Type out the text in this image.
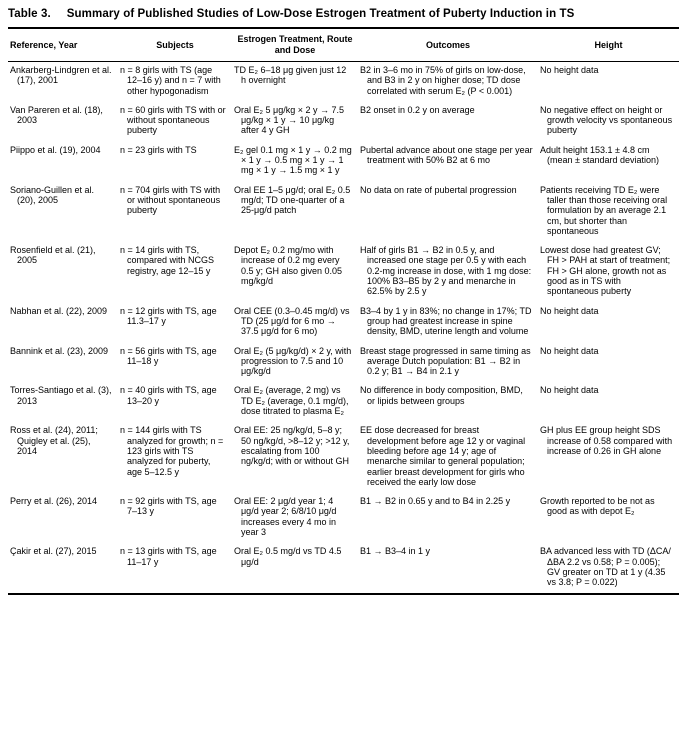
Table 3. Summary of Published Studies of Low-Dose Estrogen Treatment of Puberty Induction in TS
Reference, Year	Subjects	Estrogen Treatment, Route and Dose	Outcomes	Height

Ankarberg-Lindgren et al. (17), 2001	n = 8 girls with TS (age 12–16 y) and n = 7 with other hypogonadism	TD E₂ 6–18 μg given just 12 h overnight	B2 in 3–6 mo in 75% of girls on low-dose, and B3 in 2 y on higher dose; TD dose correlated with serum E₂ (P < 0.001)	No height data

Van Pareren et al. (18), 2003	n = 60 girls with TS with or without spontaneous puberty	Oral E₂ 5 μg/kg × 2 y → 7.5 μg/kg × 1 y → 10 μg/kg after 4 y GH	B2 onset in 0.2 y on average	No negative effect on height or growth velocity vs spontaneous puberty

Piippo et al. (19), 2004	n = 23 girls with TS	E₂ gel 0.1 mg × 1 y → 0.2 mg × 1 y → 0.5 mg × 1 y → 1 mg × 1 y → 1.5 mg × 1 y	Pubertal advance about one stage per year treatment with 50% B2 at 6 mo	Adult height 153.1 ± 4.8 cm (mean ± standard deviation)

Soriano-Guillen et al. (20), 2005	n = 704 girls with TS with or without spontaneous puberty	Oral EE 1–5 μg/d; oral E₂ 0.5 mg/d; TD one-quarter of a 25-μg/d patch	No data on rate of pubertal progression	Patients receiving TD E₂ were taller than those receiving oral formulation by an average 2.1 cm, but shorter than spontaneous

Rosenfield et al. (21), 2005	n = 14 girls with TS, compared with NCGS registry, age 12–15 y	Depot E₂ 0.2 mg/mo with increase of 0.2 mg every 0.5 y; GH also given 0.05 mg/kg/d	Half of girls B1 → B2 in 0.5 y, and increased one stage per 0.5 y with each 0.2-mg increase in dose, with 1 mg dose: 100% B3–B5 by 2 y and menarche in 62.5% by 2.5 y	Lowest dose had greatest GV; FH > PAH at start of treatment; FH > GH alone, growth not as good as in TS with spontaneous puberty

Nabhan et al. (22), 2009	n = 12 girls with TS, age 11.3–17 y	Oral CEE (0.3–0.45 mg/d) vs TD (25 μg/d for 6 mo → 37.5 μg/d for 6 mo)	B3–4 by 1 y in 83%; no change in 17%; TD group had greatest increase in spine density, BMD, uterine length and volume	No height data

Bannink et al. (23), 2009	n = 56 girls with TS, age 11–18 y	Oral E₂ (5 μg/kg/d) × 2 y, with progression to 7.5 and 10 μg/kg/d	Breast stage progressed in same timing as average Dutch population: B1 → B2 in 0.2 y; B1 → B4 in 2.1 y	No height data

Torres-Santiago et al. (3), 2013	n = 40 girls with TS, age 13–20 y	Oral E₂ (average, 2 mg) vs TD E₂ (average, 0.1 mg/d), dose titrated to plasma E₂	No difference in body composition, BMD, or lipids between groups	No height data

Ross et al. (24), 2011; Quigley et al. (25), 2014	n = 144 girls with TS analyzed for growth; n = 123 girls with TS analyzed for puberty, age 5–12.5 y	Oral EE: 25 ng/kg/d, 5–8 y; 50 ng/kg/d, >8–12 y; >12 y, escalating from 100 ng/kg/d; with or without GH	EE dose decreased for breast development before age 12 y or vaginal bleeding before age 14 y; age of menarche similar to general population; earlier breast development for girls who received the early low dose	GH plus EE group height SDS increase of 0.58 compared with increase of 0.26 in GH alone

Perry et al. (26), 2014	n = 92 girls with TS, age 7–13 y	Oral EE: 2 μg/d year 1; 4 μg/d year 2; 6/8/10 μg/d increases every 4 mo in year 3	B1 → B2 in 0.65 y and to B4 in 2.25 y	Growth reported to be not as good as with depot E₂

Çakir et al. (27), 2015	n = 13 girls with TS, age 11–17 y	Oral E₂ 0.5 mg/d vs TD 4.5 μg/d	B1 → B3–4 in 1 y	BA advanced less with TD (ΔCA/ΔBA 2.2 vs 0.58; P = 0.005); GV greater on TD at 1 y (4.35 vs 3.8; P = 0.022)
